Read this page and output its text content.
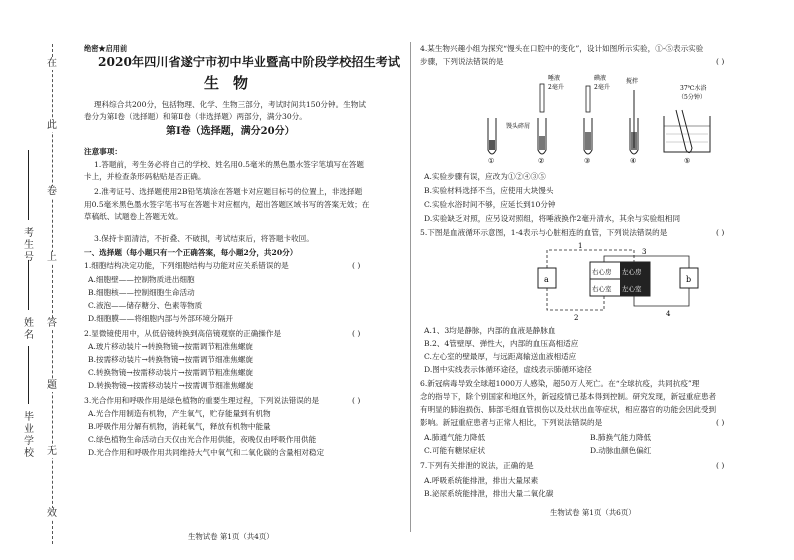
在
此
卷
上
答
题
无
效
考生号
姓名
毕业学校
绝密★启用前
2020年四川省遂宁市初中毕业暨高中阶段学校招生考试
生物
理科综合共200分，包括物理、化学、生物三部分，考试时间共150分钟。生物试
卷分为第Ⅰ卷（选择题）和第Ⅱ卷（非选择题）两部分，满分30分。
第Ⅰ卷（选择题，满分20分）
注意事项：
1.答题前，考生务必将自己的学校、姓名用0.5毫米的黑色墨水签字笔填写在答题
卡上，并检查条形码粘贴是否正确。
2.准考证号、选择题使用2B铅笔填涂在答题卡对应题目标号的位置上，非选择题
用0.5毫米黑色墨水签字笔书写在答题卡对应框内，超出答题区域书写的答案无效；在
草稿纸、试题卷上答题无效。
3.保持卡面清洁，不折叠、不破损，考试结束后，将答题卡收回。
一、选择题（每小题只有一个正确答案，每小题2分，共20分）
1.细胞结构决定功能，下列细胞结构与功能对应关系错误的是	( )
A.细胞壁——控制物质进出细胞
B.细胞核——控制细胞生命活动
C.液泡——储存糖分、色素等物质
D.细胞膜——将细胞内部与外部环境分隔开
2.显微镜使用中，从低倍镜转换到高倍镜观察的正确操作是	( )
A.玻片移动装片→转换物镜→按需调节粗准焦螺旋
B.按需移动装片→转换物镜→按需调节细准焦螺旋
C.转换物镜→按需移动装片→按需调节粗准焦螺旋
D.转换物镜→按需移动装片→按需调节细准焦螺旋
3.光合作用和呼吸作用是绿色植物的重要生理过程，下列说法错误的是	( )
A.光合作用制造有机物，产生氧气，贮存能量到有机物
B.呼吸作用分解有机物，消耗氧气，释放有机物中能量
C.绿色植物生命活动白天仅由光合作用供能，夜晚仅由呼吸作用供能
D.光合作用和呼吸作用共同维持大气中氧气和二氧化碳的含量相对稳定
生物试卷 第1页（共4页）
4.某生物兴趣小组为探究“馒头在口腔中的变化”，设计如图所示实验，①-⑤表示实验
步骤，下列说法错误的是	( )
馒头碎屑
①
唾液
2毫升
②
碘液
2毫升
③
搅拌
④
37℃水浴
（5分钟）
⑤
A.实验步骤有误，应改为①②④③⑤
B.实验材料选择不当，应使用大块馒头
C.实验水浴时间不够，应延长到10分钟
D.实验缺乏对照，应另设对照组，将唾液换作2毫升清水，其余与实验组相同
5.下图是血液循环示意图，1-4表示与心脏相连的血管，下列说法错误的是	( )
a	b
右心房 左心房
右心室 左心室
1
3
2	4
A.1、3均是静脉，内部的血液是静脉血
B.2、4管壁厚、弹性大，内部的血压高相适应
C.左心室的壁最厚，与远距离输送血液相适应
D.图中实线表示体循环途径，虚线表示肺循环途径
6.新冠病毒导致全球超1000万人感染，超50万人死亡。在“全球抗疫，共同抗疫”理
念的指导下，除个别国家和地区外，新冠疫情已基本得到控制。研究发现，新冠重症患者
有明显的肺泡损伤、肺部毛细血管损伤以及灶状出血等症状，相应器官的功能会因此受到
影响。新冠重症患者与正常人相比，下列说法错误的是	( )
A.肺通气能力降低	B.肺换气能力降低
C.可能有糖尿症状	D.动脉血颜色偏红
7.下列有关排泄的说法，正确的是	( )
A.呼吸系统能排泄，排出大量尿素
B.泌尿系统能排泄，排出大量二氧化碳
生物试卷 第1页（共6页）
